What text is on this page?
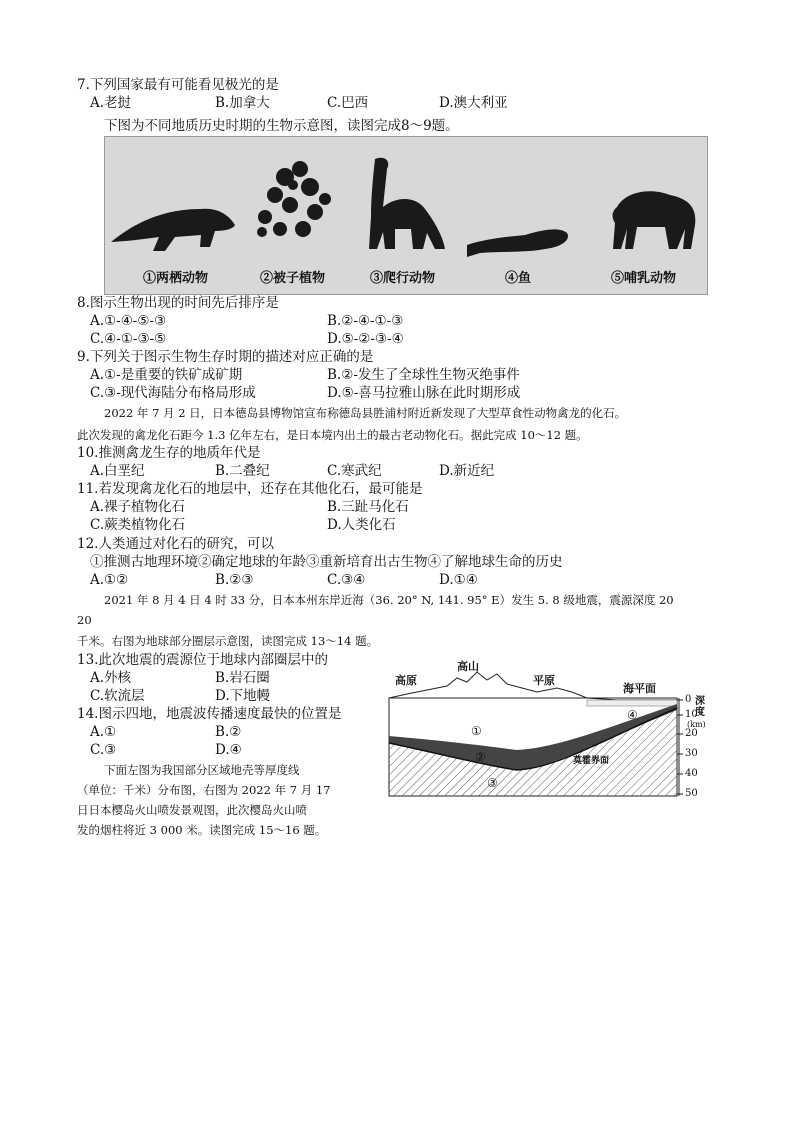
7.下列国家最有可能看见极光的是
A.老挝	B.加拿大	C.巴西	D.澳大利亚
下图为不同地质历史时期的生物示意图，读图完成8～9题。
①两栖动物	②被子植物	③爬行动物	④鱼	⑤哺乳动物
8.图示生物出现的时间先后排序是
A.①-④-⑤-③	B.②-④-①-③
C.④-①-③-⑤	D.⑤-②-③-④
9.下列关于图示生物生存时期的描述对应正确的是
A.①-是重要的铁矿成矿期	B.②-发生了全球性生物灭绝事件
C.③-现代海陆分布格局形成	D.⑤-喜马拉雅山脉在此时期形成
2022 年 7 月 2 日，日本德岛县博物馆宣布称德岛县胜浦村附近新发现了大型草食性动物禽龙的化石。
此次发现的禽龙化石距今 1.3 亿年左右，是日本境内出土的最古老动物化石。据此完成 10～12 题。
10.推测禽龙生存的地质年代是
A.白垩纪	B.二叠纪	C.寒武纪	D.新近纪
11.若发现禽龙化石的地层中，还存在其他化石，最可能是
A.裸子植物化石	B.三趾马化石
C.蕨类植物化石	D.人类化石
12.人类通过对化石的研究，可以
①推测古地理环境②确定地球的年龄③重新培育出古生物④了解地球生命的历史
A.①②	B.②③	C.③④	D.①④
2021 年 8 月 4 日 4 时 33 分，日本本州东岸近海（36. 20° N, 141. 95° E）发生 5. 8 级地震，震源深度 20
20
千米。右图为地球部分圈层示意图，读图完成 13～14 题。
13.此次地震的震源位于地球内部圈层中的
A.外核	B.岩石圈
C.软流层	D.下地幔
14.图示四地，地震波传播速度最快的位置是
A.①	B.②
C.③	D.④
下面左图为我国部分区域地壳等厚度线
（单位：千米）分布图，右图为 2022 年 7 月 17
日日本樱岛火山喷发景观图，此次樱岛火山喷
发的烟柱将近 3 000 米。读图完成 15～16 题。
高原
高山
平原
海平面
莫霍界面
①
②
③
④
0
10
20
30
40
50
深度
(km)
